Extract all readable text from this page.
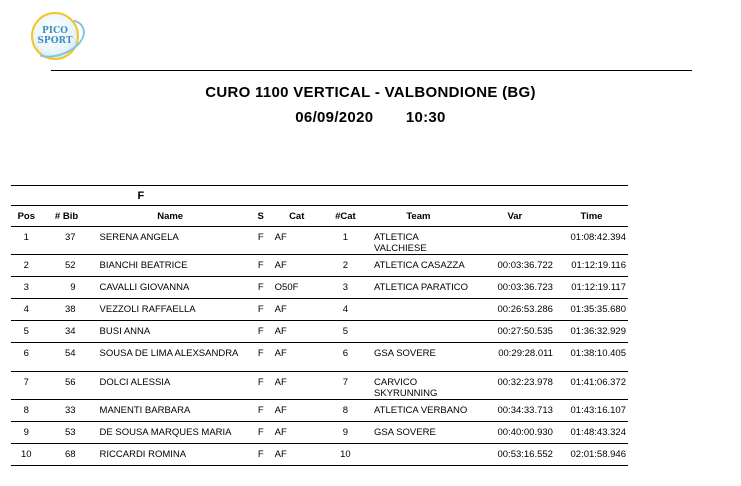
PICO
SPORT
CURO 1100 VERTICAL - VALBONDIONE (BG)
06/09/2020 10:30
		F						
Pos	# Bib	Name	S	Cat	#Cat	Team	Var	Time
1	37	SERENA ANGELA	F	AF	1	ATLETICA VALCHIESE		01:08:42.394
2	52	BIANCHI BEATRICE	F	AF	2	ATLETICA CASAZZA	00:03:36.722	01:12:19.116
3	9	CAVALLI GIOVANNA	F	O50F	3	ATLETICA PARATICO	00:03:36.723	01:12:19.117
4	38	VEZZOLI RAFFAELLA	F	AF	4		00:26:53.286	01:35:35.680
5	34	BUSI ANNA	F	AF	5		00:27:50.535	01:36:32.929
6	54	SOUSA DE LIMA ALEXSANDRA	F	AF	6	GSA SOVERE	00:29:28.011	01:38:10.405
7	56	DOLCI ALESSIA	F	AF	7	CARVICO SKYRUNNING	00:32:23.978	01:41:06.372
8	33	MANENTI BARBARA	F	AF	8	ATLETICA VERBANO	00:34:33.713	01:43:16.107
9	53	DE SOUSA MARQUES MARIA	F	AF	9	GSA SOVERE	00:40:00.930	01:48:43.324
10	68	RICCARDI ROMINA	F	AF	10		00:53:16.552	02:01:58.946
